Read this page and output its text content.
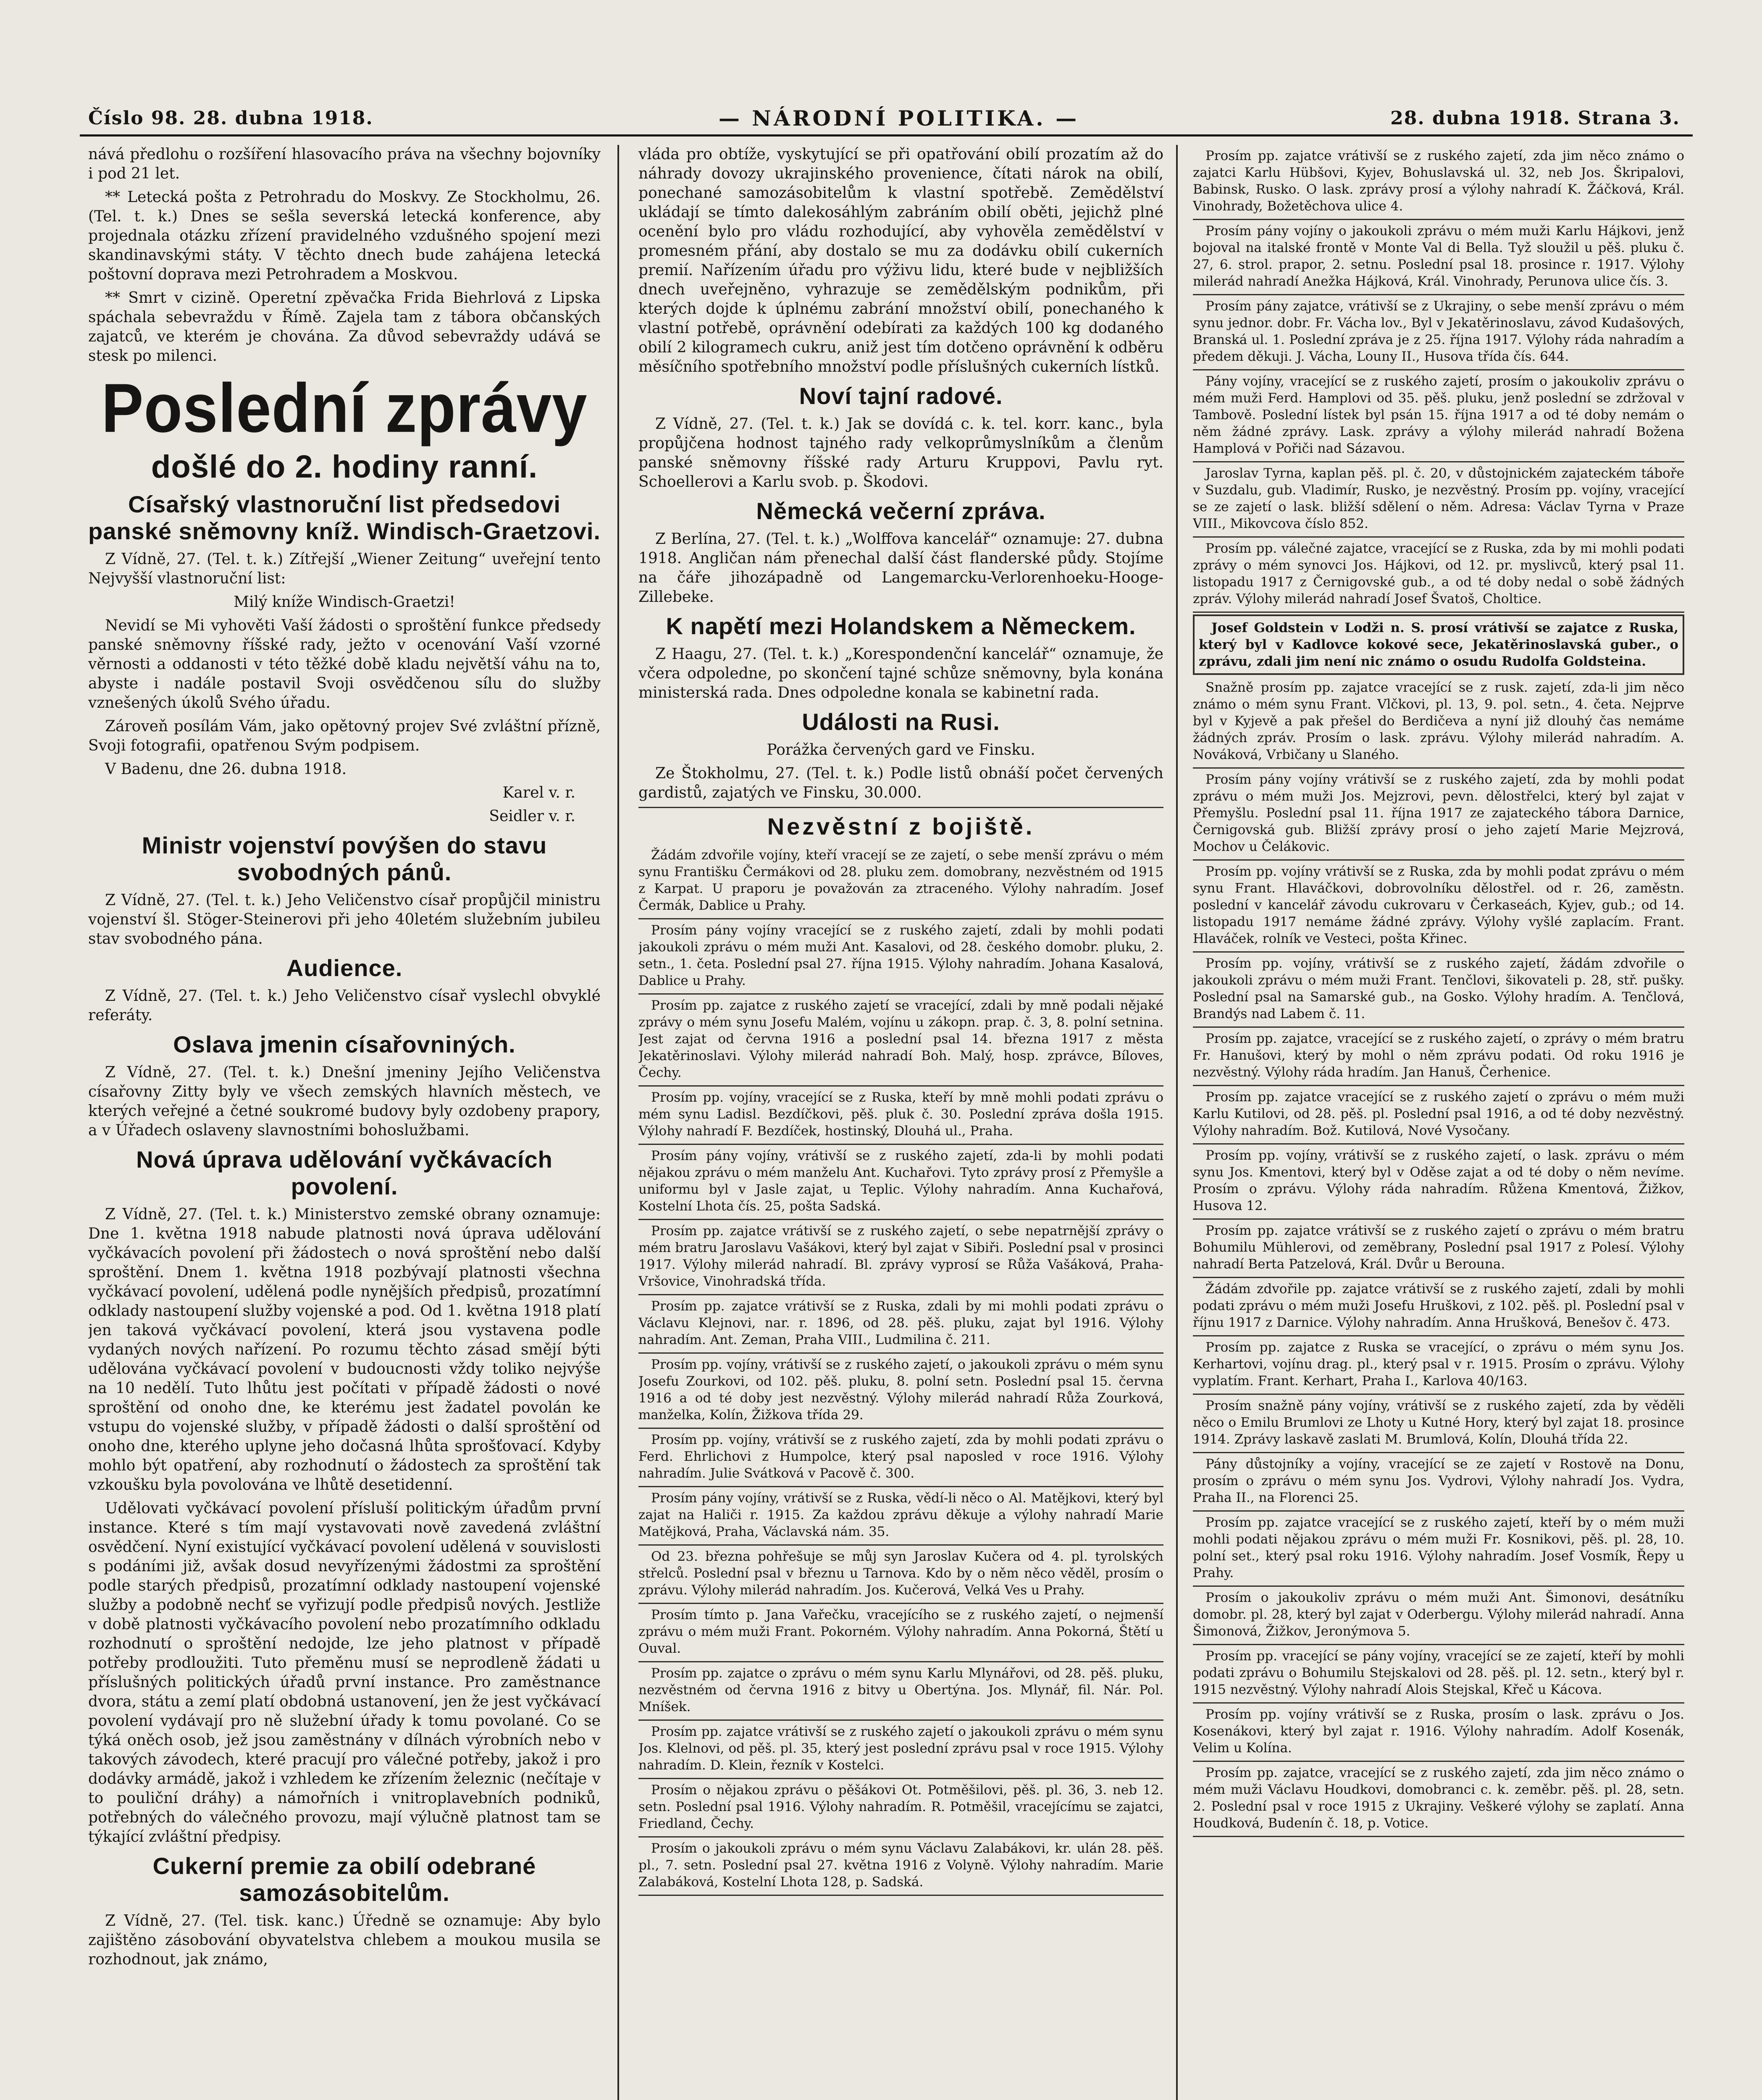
Číslo 98. 28. dubna 1918.	— NÁRODNÍ POLITIKA. —	28. dubna 1918. Strana 3.

nává předlohu o rozšíření hlasovacího práva na všechny bojovníky i pod 21 let.

** Letecká pošta z Petrohradu do Moskvy. Ze Stockholmu, 26. (Tel. t. k.) Dnes se sešla severská letecká konference, aby projednala otázku zřízení pravidelného vzdušného spojení mezi skandinavskými státy. V těchto dnech bude zahájena letecká poštovní doprava mezi Petrohradem a Moskvou.

** Smrt v cizině. Operetní zpěvačka Frida Biehrlová z Lipska spáchala sebevraždu v Římě. Zajela tam z tábora občanských zajatců, ve kterém je chována. Za důvod sebevraždy udává se stesk po milenci.

Poslední zprávy
došlé do 2. hodiny ranní.
Císařský vlastnoruční list předsedovi panské sněmovny kníž. Windisch-Graetzovi.

Z Vídně, 27. (Tel. t. k.) Zítřejší „Wiener Zeitung“ uveřejní tento Nejvyšší vlastnoruční list:

Milý kníže Windisch-Graetzi!

Nevidí se Mi vyhověti Vaší žádosti o sproštění funkce předsedy panské sněmovny říšské rady, ježto v ocenování Vaší vzorné věrnosti a oddanosti v této těžké době kladu největší váhu na to, abyste i nadále postavil Svoji osvědčenou sílu do služby vznešených úkolů Svého úřadu.

Zároveň posílám Vám, jako opětovný projev Své zvláštní přízně, Svoji fotografii, opatřenou Svým podpisem.

V Badenu, dne 26. dubna 1918.

Karel v. r.

Seidler v. r.

Ministr vojenství povýšen do stavu svobodných pánů.

Z Vídně, 27. (Tel. t. k.) Jeho Veličenstvo císař propůjčil ministru vojenství šl. Stöger-Steinerovi při jeho 40letém služebním jubileu stav svobodného pána.

Audience.

Z Vídně, 27. (Tel. t. k.) Jeho Veličenstvo císař vyslechl obvyklé referáty.

Oslava jmenin císařovniných.

Z Vídně, 27. (Tel. t. k.) Dnešní jmeniny Jejího Veličenstva císařovny Zitty byly ve všech zemských hlavních městech, ve kterých veřejné a četné soukromé budovy byly ozdobeny prapory, a v Úřadech oslaveny slavnostními bohoslužbami.

Nová úprava udělování vyčkávacích povolení.

Z Vídně, 27. (Tel. t. k.) Ministerstvo zemské obrany oznamuje: Dne 1. května 1918 nabude platnosti nová úprava udělování vyčkávacích povolení při žádostech o nová sproštění nebo další sproštění. Dnem 1. května 1918 pozbývají platnosti všechna vyčkávací povolení, udělená podle nynějších předpisů, prozatímní odklady nastoupení služby vojenské a pod. Od 1. května 1918 platí jen taková vyčkávací povolení, která jsou vystavena podle vydaných nových nařízení. Po rozumu těchto zásad smějí býti udělována vyčkávací povolení v budoucnosti vždy toliko nejvýše na 10 nedělí. Tuto lhůtu jest počítati v případě žádosti o nové sproštění od onoho dne, ke kterému jest žadatel povolán ke vstupu do vojenské služby, v případě žádosti o další sproštění od onoho dne, kterého uplyne jeho dočasná lhůta sprošťovací. Kdyby mohlo být opatření, aby rozhodnutí o žádostech za sproštění tak vzkoušku byla povolována ve lhůtě desetidenní.

Udělovati vyčkávací povolení přísluší politickým úřadům první instance. Které s tím mají vystavovati nově zavedená zvláštní osvědčení. Nyní existující vyčkávací povolení udělená v souvislosti s podáními již, avšak dosud nevyřízenými žádostmi za sproštění podle starých předpisů, prozatímní odklady nastoupení vojenské služby a podobně nechť se vyřizují podle předpisů nových. Jestliže v době platnosti vyčkávacího povolení nebo prozatímního odkladu rozhodnutí o sproštění nedojde, lze jeho platnost v případě potřeby prodloužiti. Tuto přeměnu musí se neprodleně žádati u příslušných politických úřadů první instance. Pro zaměstnance dvora, státu a zemí platí obdobná ustanovení, jen že jest vyčkávací povolení vydávají pro ně služební úřady k tomu povolané. Co se týká oněch osob, jež jsou zaměstnány v dílnách výrobních nebo v takových závodech, které pracují pro válečné potřeby, jakož i pro dodávky armádě, jakož i vzhledem ke zřízením železnic (nečítaje v to pouliční dráhy) a námořních i vnitroplavebních podniků, potřebných do válečného provozu, mají výlučně platnost tam se týkající zvláštní předpisy.

Cukerní premie za obilí odebrané samozásobitelům.

Z Vídně, 27. (Tel. tisk. kanc.) Úředně se oznamuje: Aby bylo zajištěno zásobování obyvatelstva chlebem a moukou musila se rozhodnout, jak známo,

vláda pro obtíže, vyskytující se při opatřování obilí prozatím až do náhrady dovozy ukrajinského provenience, čítati nárok na obilí, ponechané samozásobitelům k vlastní spotřebě. Zemědělství ukládají se tímto dalekosáhlým zabráním obilí oběti, jejichž plné ocenění bylo pro vládu rozhodující, aby vyhověla zemědělství v promesném přání, aby dostalo se mu za dodávku obilí cukerních premií. Nařízením úřadu pro výživu lidu, které bude v nejbližších dnech uveřejněno, vyhrazuje se zemědělským podnikům, při kterých dojde k úplnému zabrání množství obilí, ponechaného k vlastní potřebě, oprávnění odebírati za každých 100 kg dodaného obilí 2 kilogramech cukru, aniž jest tím dotčeno oprávnění k odběru měsíčního spotřebního množství podle příslušných cukerních lístků.

Noví tajní radové.

Z Vídně, 27. (Tel. t. k.) Jak se dovídá c. k. tel. korr. kanc., byla propůjčena hodnost tajného rady velkoprůmyslníkům a členům panské sněmovny říšské rady Arturu Kruppovi, Pavlu ryt. Schoellerovi a Karlu svob. p. Škodovi.

Německá večerní zpráva.

Z Berlína, 27. (Tel. t. k.) „Wolffova kancelář“ oznamuje: 27. dubna 1918. Angličan nám přenechal další část flanderské půdy. Stojíme na čáře jihozápadně od Langemarcku-Verlorenhoeku-Hooge-Zillebeke.

K napětí mezi Holandskem a Německem.

Z Haagu, 27. (Tel. t. k.) „Korespondenční kancelář“ oznamuje, že včera odpoledne, po skončení tajné schůze sněmovny, byla konána ministerská rada. Dnes odpoledne konala se kabinetní rada.

Události na Rusi.

Porážka červených gard ve Finsku.

Ze Štokholmu, 27. (Tel. t. k.) Podle listů obnáší počet červených gardistů, zajatých ve Finsku, 30.000.

Nezvěstní z bojiště.

Žádám zdvořile vojíny, kteří vracejí se ze zajetí, o sebe menší zprávu o mém synu Františku Čermákovi od 28. pluku zem. domobrany, nezvěstném od 1915 z Karpat. U praporu je považován za ztraceného. Výlohy nahradím. Josef Čermák, Dablice u Prahy.

Prosím pány vojíny vracející se z ruského zajetí, zdali by mohli podati jakoukoli zprávu o mém muži Ant. Kasalovi, od 28. českého domobr. pluku, 2. setn., 1. četa. Poslední psal 27. října 1915. Výlohy nahradím. Johana Kasalová, Dablice u Prahy.

Prosím pp. zajatce z ruského zajetí se vracející, zdali by mně podali nějaké zprávy o mém synu Josefu Malém, vojínu u zákopn. prap. č. 3, 8. polní setnina. Jest zajat od června 1916 a poslední psal 14. března 1917 z města Jekatěrinoslavi. Výlohy milerád nahradí Boh. Malý, hosp. zprávce, Bíloves, Čechy.

Prosím pp. vojíny, vracející se z Ruska, kteří by mně mohli podati zprávu o mém synu Ladisl. Bezdíčkovi, pěš. pluk č. 30. Poslední zpráva došla 1915. Výlohy nahradí F. Bezdíček, hostinský, Dlouhá ul., Praha.

Prosím pány vojíny, vrátivší se z ruského zajetí, zda-li by mohli podati nějakou zprávu o mém manželu Ant. Kuchařovi. Tyto zprávy prosí z Přemyšle a uniformu byl v Jasle zajat, u Teplic. Výlohy nahradím. Anna Kuchařová, Kostelní Lhota čís. 25, pošta Sadská.

Prosím pp. zajatce vrátivší se z ruského zajetí, o sebe nepatrnější zprávy o mém bratru Jaroslavu Vašákovi, který byl zajat v Sibiři. Poslední psal v prosinci 1917. Výlohy milerád nahradí. Bl. zprávy vyprosí se Růža Vašáková, Praha-Vršovice, Vinohradská třída.

Prosím pp. zajatce vrátivší se z Ruska, zdali by mi mohli podati zprávu o Václavu Klejnovi, nar. r. 1896, od 28. pěš. pluku, zajat byl 1916. Výlohy nahradím. Ant. Zeman, Praha VIII., Ludmilina č. 211.

Prosím pp. vojíny, vrátivší se z ruského zajetí, o jakoukoli zprávu o mém synu Josefu Zourkovi, od 102. pěš. pluku, 8. polní setn. Poslední psal 15. června 1916 a od té doby jest nezvěstný. Výlohy milerád nahradí Růža Zourková, manželka, Kolín, Žižkova třída 29.

Prosím pp. vojíny, vrátivší se z ruského zajetí, zda by mohli podati zprávu o Ferd. Ehrlichovi z Humpolce, který psal naposled v roce 1916. Výlohy nahradím. Julie Svátková v Pacově č. 300.

Prosím pány vojíny, vrátivší se z Ruska, vědí-li něco o Al. Matějkovi, který byl zajat na Haliči r. 1915. Za každou zprávu děkuje a výlohy nahradí Marie Matějková, Praha, Václavská nám. 35.

Od 23. března pohřešuje se můj syn Jaroslav Kučera od 4. pl. tyrolských střelců. Poslední psal v březnu u Tarnova. Kdo by o něm něco věděl, prosím o zprávu. Výlohy milerád nahradím. Jos. Kučerová, Velká Ves u Prahy.

Prosím tímto p. Jana Vařečku, vracejícího se z ruského zajetí, o nejmenší zprávu o mém muži Frant. Pokorném. Výlohy nahradím. Anna Pokorná, Štětí u Ouval.

Prosím pp. zajatce o zprávu o mém synu Karlu Mlynářovi, od 28. pěš. pluku, nezvěstném od června 1916 z bitvy u Obertýna. Jos. Mlynář, fil. Nár. Pol. Mníšek.

Prosím pp. zajatce vrátivší se z ruského zajetí o jakoukoli zprávu o mém synu Jos. Klelnovi, od pěš. pl. 35, který jest poslední zprávu psal v roce 1915. Výlohy nahradím. D. Klein, řezník v Kostelci.

Prosím o nějakou zprávu o pěšákovi Ot. Potměšilovi, pěš. pl. 36, 3. neb 12. setn. Poslední psal 1916. Výlohy nahradím. R. Potměšil, vracejícímu se zajatci, Friedland, Čechy.

Prosím o jakoukoli zprávu o mém synu Václavu Zalabákovi, kr. ulán 28. pěš. pl., 7. setn. Poslední psal 27. května 1916 z Volyně. Výlohy nahradím. Marie Zalabáková, Kostelní Lhota 128, p. Sadská.

Prosím pp. zajatce vrátivší se z ruského zajetí, zda jim něco známo o zajatci Karlu Hübšovi, Kyjev, Bohuslavská ul. 32, neb Jos. Škripalovi, Babinsk, Rusko. O lask. zprávy prosí a výlohy nahradí K. Žáčková, Král. Vinohrady, Božetěchova ulice 4.

Prosím pány vojíny o jakoukoli zprávu o mém muži Karlu Hájkovi, jenž bojoval na italské frontě v Monte Val di Bella. Tyž sloužil u pěš. pluku č. 27, 6. strol. prapor, 2. setnu. Poslední psal 18. prosince r. 1917. Výlohy milerád nahradí Anežka Hájková, Král. Vinohrady, Perunova ulice čís. 3.

Prosím pány zajatce, vrátivší se z Ukrajiny, o sebe menší zprávu o mém synu jednor. dobr. Fr. Vácha lov., Byl v Jekatěrinoslavu, závod Kudašových, Branská ul. 1. Poslední zpráva je z 25. října 1917. Výlohy ráda nahradím a předem děkuji. J. Vácha, Louny II., Husova třída čís. 644.

Pány vojíny, vracející se z ruského zajetí, prosím o jakoukoliv zprávu o mém muži Ferd. Hamplovi od 35. pěš. pluku, jenž poslední se zdržoval v Tambově. Poslední lístek byl psán 15. října 1917 a od té doby nemám o něm žádné zprávy. Lask. zprávy a výlohy milerád nahradí Božena Hamplová v Pořiči nad Sázavou.

Jaroslav Tyrna, kaplan pěš. pl. č. 20, v důstojnickém zajateckém táboře v Suzdalu, gub. Vladimír, Rusko, je nezvěstný. Prosím pp. vojíny, vracející se ze zajetí o lask. bližší sdělení o něm. Adresa: Václav Tyrna v Praze VIII., Mikovcova číslo 852.

Prosím pp. válečné zajatce, vracející se z Ruska, zda by mi mohli podati zprávy o mém synovci Jos. Hájkovi, od 12. pr. myslivců, který psal 11. listopadu 1917 z Černigovské gub., a od té doby nedal o sobě žádných zpráv. Výlohy milerád nahradí Josef Švatoš, Choltice.

Josef Goldstein v Lodži n. S. prosí vrátivší se zajatce z Ruska, který byl v Kadlovce kokové sece, Jekatěrinoslavská guber., o zprávu, zdali jim není nic známo o osudu Rudolfa Goldsteina.

Snažně prosím pp. zajatce vracející se z rusk. zajetí, zda-li jim něco známo o mém synu Frant. Vlčkovi, pl. 13, 9. pol. setn., 4. četa. Nejprve byl v Kyjevě a pak přešel do Berdičeva a nyní již dlouhý čas nemáme žádných zpráv. Prosím o lask. zprávu. Výlohy milerád nahradím. A. Nováková, Vrbičany u Slaného.

Prosím pány vojíny vrátivší se z ruského zajetí, zda by mohli podat zprávu o mém muži Jos. Mejzrovi, pevn. dělostřelci, který byl zajat v Přemyšlu. Poslední psal 11. října 1917 ze zajateckého tábora Darnice, Černigovská gub. Bližší zprávy prosí o jeho zajetí Marie Mejzrová, Mochov u Čelákovic.

Prosím pp. vojíny vrátivší se z Ruska, zda by mohli podat zprávu o mém synu Frant. Hlaváčkovi, dobrovolníku dělostřel. od r. 26, zaměstn. poslední v kancelář závodu cukrovaru v Čerkaseách, Kyjev, gub.; od 14. listopadu 1917 nemáme žádné zprávy. Výlohy vyšlé zaplacím. Frant. Hlaváček, rolník ve Vesteci, pošta Křinec.

Prosím pp. vojíny, vrátivší se z ruského zajetí, žádám zdvořile o jakoukoli zprávu o mém muži Frant. Tenčlovi, šikovateli p. 28, stř. pušky. Poslední psal na Samarské gub., na Gosko. Výlohy hradím. A. Tenčlová, Brandýs nad Labem č. 11.

Prosím pp. zajatce, vracející se z ruského zajetí, o zprávy o mém bratru Fr. Hanušovi, který by mohl o něm zprávu podati. Od roku 1916 je nezvěstný. Výlohy ráda hradím. Jan Hanuš, Čerhenice.

Prosím pp. zajatce vracející se z ruského zajetí o zprávu o mém muži Karlu Kutilovi, od 28. pěš. pl. Poslední psal 1916, a od té doby nezvěstný. Výlohy nahradím. Bož. Kutilová, Nové Vysočany.

Prosím pp. vojíny, vrátivší se z ruského zajetí, o lask. zprávu o mém synu Jos. Kmentovi, který byl v Oděse zajat a od té doby o něm nevíme. Prosím o zprávu. Výlohy ráda nahradím. Růžena Kmentová, Žižkov, Husova 12.

Prosím pp. zajatce vrátivší se z ruského zajetí o zprávu o mém bratru Bohumilu Mühlerovi, od zeměbrany, Poslední psal 1917 z Polesí. Výlohy nahradí Berta Patzelová, Král. Dvůr u Berouna.

Žádám zdvořile pp. zajatce vrátivší se z ruského zajetí, zdali by mohli podati zprávu o mém muži Josefu Hruškovi, z 102. pěš. pl. Poslední psal v říjnu 1917 z Darnice. Výlohy nahradím. Anna Hrušková, Benešov č. 473.

Prosím pp. zajatce z Ruska se vracející, o zprávu o mém synu Jos. Kerhartovi, vojínu drag. pl., který psal v r. 1915. Prosím o zprávu. Výlohy vyplatím. Frant. Kerhart, Praha I., Karlova 40/163.

Prosím snažně pány vojíny, vrátivší se z ruského zajetí, zda by věděli něco o Emilu Brumlovi ze Lhoty u Kutné Hory, který byl zajat 18. prosince 1914. Zprávy laskavě zaslati M. Brumlová, Kolín, Dlouhá třída 22.

Pány důstojníky a vojíny, vracející se ze zajetí v Rostově na Donu, prosím o zprávu o mém synu Jos. Vydrovi, Výlohy nahradí Jos. Vydra, Praha II., na Florenci 25.

Prosím pp. zajatce vracející se z ruského zajetí, kteří by o mém muži mohli podati nějakou zprávu o mém muži Fr. Kosnikovi, pěš. pl. 28, 10. polní set., který psal roku 1916. Výlohy nahradím. Josef Vosmík, Řepy u Prahy.

Prosím o jakoukoliv zprávu o mém muži Ant. Šimonovi, desátníku domobr. pl. 28, který byl zajat v Oderbergu. Výlohy milerád nahradí. Anna Šimonová, Žižkov, Jeronýmova 5.

Prosím pp. vracející se pány vojíny, vracející se ze zajetí, kteří by mohli podati zprávu o Bohumilu Stejskalovi od 28. pěš. pl. 12. setn., který byl r. 1915 nezvěstný. Výlohy nahradí Alois Stejskal, Křeč u Kácova.

Prosím pp. vojíny vrátivší se z Ruska, prosím o lask. zprávu o Jos. Kosenákovi, který byl zajat r. 1916. Výlohy nahradím. Adolf Kosenák, Velim u Kolína.

Prosím pp. zajatce, vracející se z ruského zajetí, zda jim něco známo o mém muži Václavu Houdkovi, domobranci c. k. zeměbr. pěš. pl. 28, setn. 2. Poslední psal v roce 1915 z Ukrajiny. Veškeré výlohy se zaplatí. Anna Houdková, Budenín č. 18, p. Votice.
